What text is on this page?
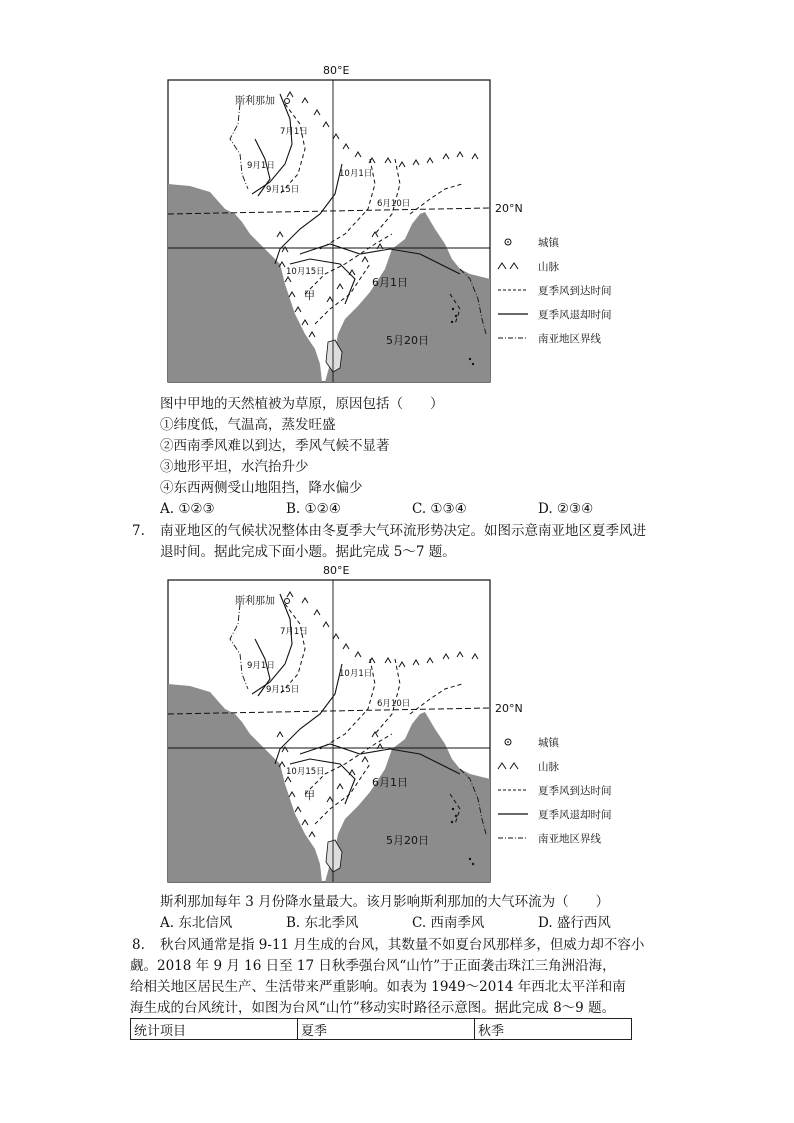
80°E
20°N
斯利那加
7月1日
9月1日
9月15日
10月1日
6月10日
10月15日
6月1日
5月20日
甲
城镇
山脉
夏季风到达时间
夏季风退却时间
南亚地区界线
图中甲地的天然植被为草原，原因包括（　　）
①纬度低，气温高，蒸发旺盛
②西南季风难以到达，季风气候不显著
③地形平坦，水汽抬升少
④东西两侧受山地阻挡，降水偏少
A. ①②③	B. ①②④	C. ①③④	D. ②③④
7. 南亚地区的气候状况整体由冬夏季大气环流形势决定。如图示意南亚地区夏季风进
退时间。据此完成下面小题。据此完成 5～7 题。
80°E
20°N
斯利那加
7月1日
9月1日
9月15日
10月1日
6月10日
10月15日
6月1日
5月20日
甲
城镇
山脉
夏季风到达时间
夏季风退却时间
南亚地区界线
斯利那加每年 3 月份降水量最大。该月影响斯利那加的大气环流为（　　）
A. 东北信风	B. 东北季风	C. 西南季风	D. 盛行西风
8. 秋台风通常是指 9-11 月生成的台风，其数量不如夏台风那样多，但威力却不容小
觑。2018 年 9 月 16 日至 17 日秋季强台风“山竹”于正面袭击珠江三角洲沿海，
给相关地区居民生产、生活带来严重影响。如表为 1949～2014 年西北太平洋和南
海生成的台风统计，如图为台风“山竹”移动实时路径示意图。据此完成 8～9 题。
统计项目	夏季	秋季
